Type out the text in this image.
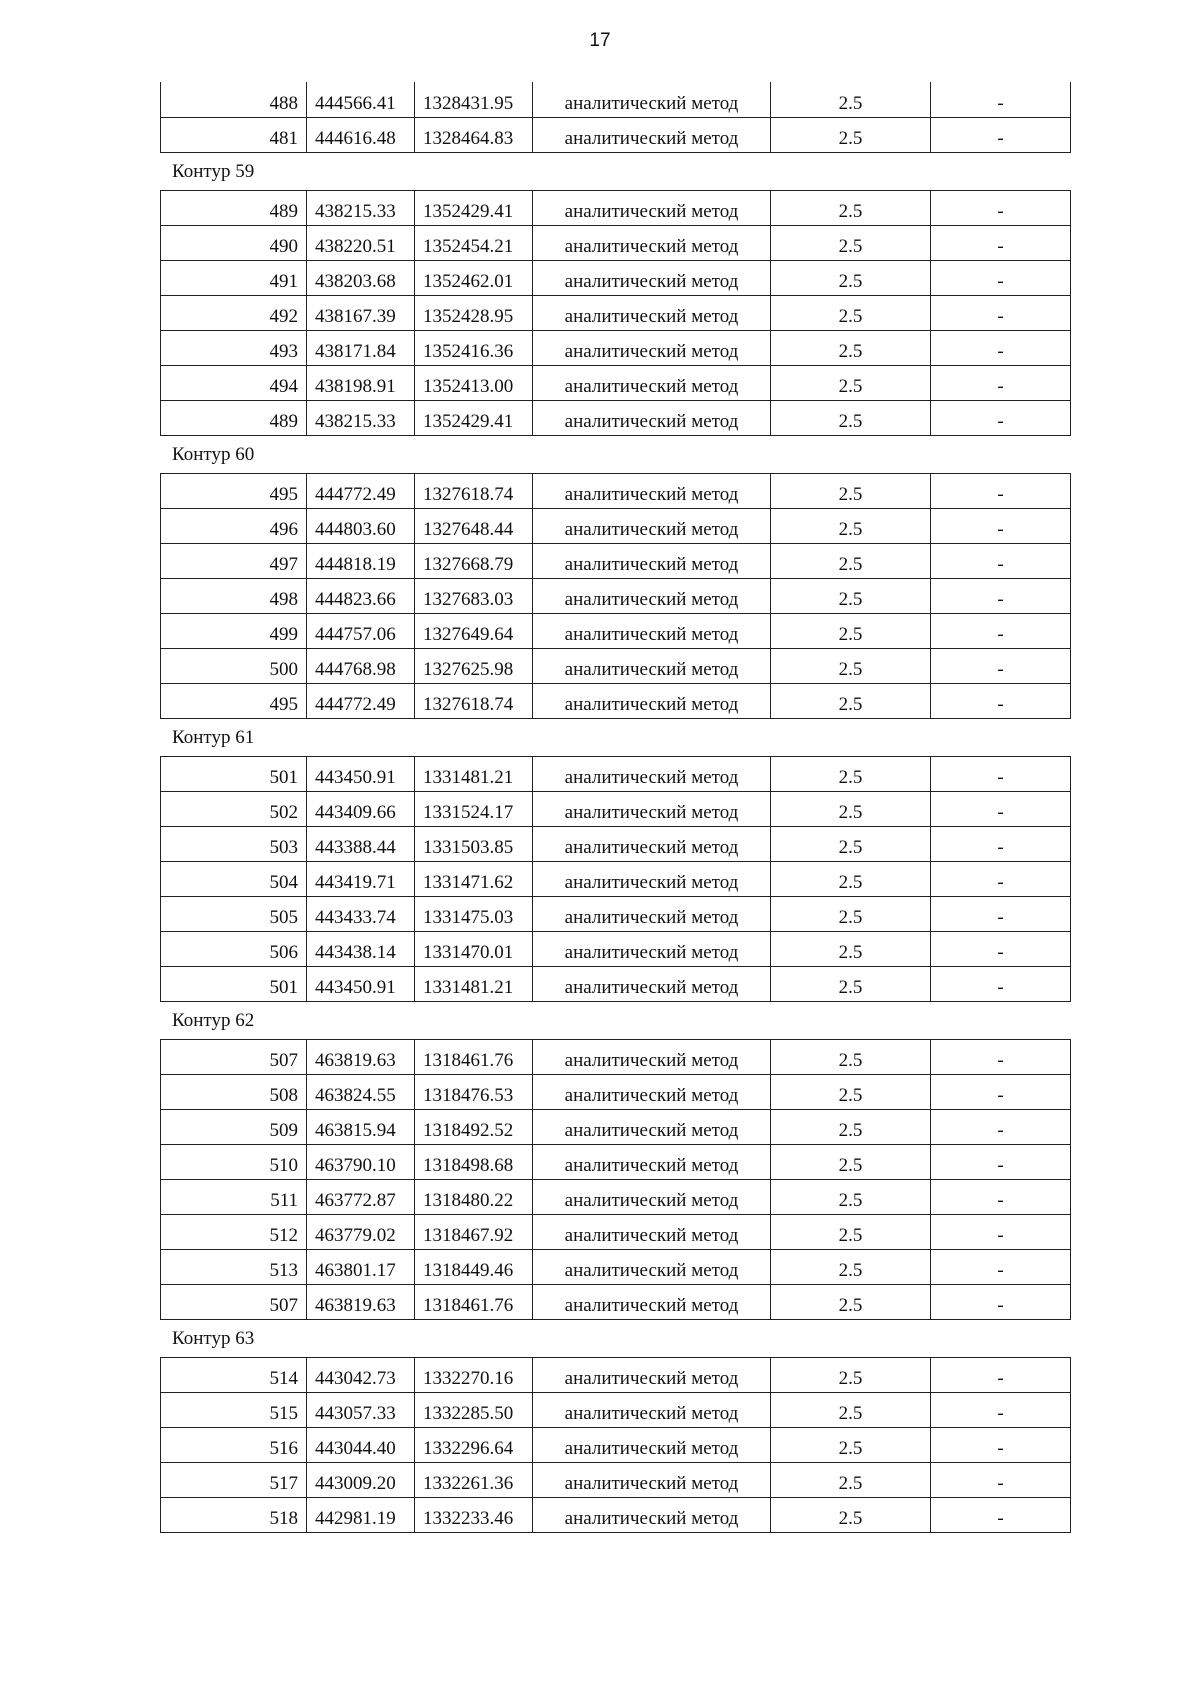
17
488	444566.41	1328431.95	аналитический метод	2.5	-
481	444616.48	1328464.83	аналитический метод	2.5	-
Контур 59
489	438215.33	1352429.41	аналитический метод	2.5	-
490	438220.51	1352454.21	аналитический метод	2.5	-
491	438203.68	1352462.01	аналитический метод	2.5	-
492	438167.39	1352428.95	аналитический метод	2.5	-
493	438171.84	1352416.36	аналитический метод	2.5	-
494	438198.91	1352413.00	аналитический метод	2.5	-
489	438215.33	1352429.41	аналитический метод	2.5	-
Контур 60
495	444772.49	1327618.74	аналитический метод	2.5	-
496	444803.60	1327648.44	аналитический метод	2.5	-
497	444818.19	1327668.79	аналитический метод	2.5	-
498	444823.66	1327683.03	аналитический метод	2.5	-
499	444757.06	1327649.64	аналитический метод	2.5	-
500	444768.98	1327625.98	аналитический метод	2.5	-
495	444772.49	1327618.74	аналитический метод	2.5	-
Контур 61
501	443450.91	1331481.21	аналитический метод	2.5	-
502	443409.66	1331524.17	аналитический метод	2.5	-
503	443388.44	1331503.85	аналитический метод	2.5	-
504	443419.71	1331471.62	аналитический метод	2.5	-
505	443433.74	1331475.03	аналитический метод	2.5	-
506	443438.14	1331470.01	аналитический метод	2.5	-
501	443450.91	1331481.21	аналитический метод	2.5	-
Контур 62
507	463819.63	1318461.76	аналитический метод	2.5	-
508	463824.55	1318476.53	аналитический метод	2.5	-
509	463815.94	1318492.52	аналитический метод	2.5	-
510	463790.10	1318498.68	аналитический метод	2.5	-
511	463772.87	1318480.22	аналитический метод	2.5	-
512	463779.02	1318467.92	аналитический метод	2.5	-
513	463801.17	1318449.46	аналитический метод	2.5	-
507	463819.63	1318461.76	аналитический метод	2.5	-
Контур 63
514	443042.73	1332270.16	аналитический метод	2.5	-
515	443057.33	1332285.50	аналитический метод	2.5	-
516	443044.40	1332296.64	аналитический метод	2.5	-
517	443009.20	1332261.36	аналитический метод	2.5	-
518	442981.19	1332233.46	аналитический метод	2.5	-
